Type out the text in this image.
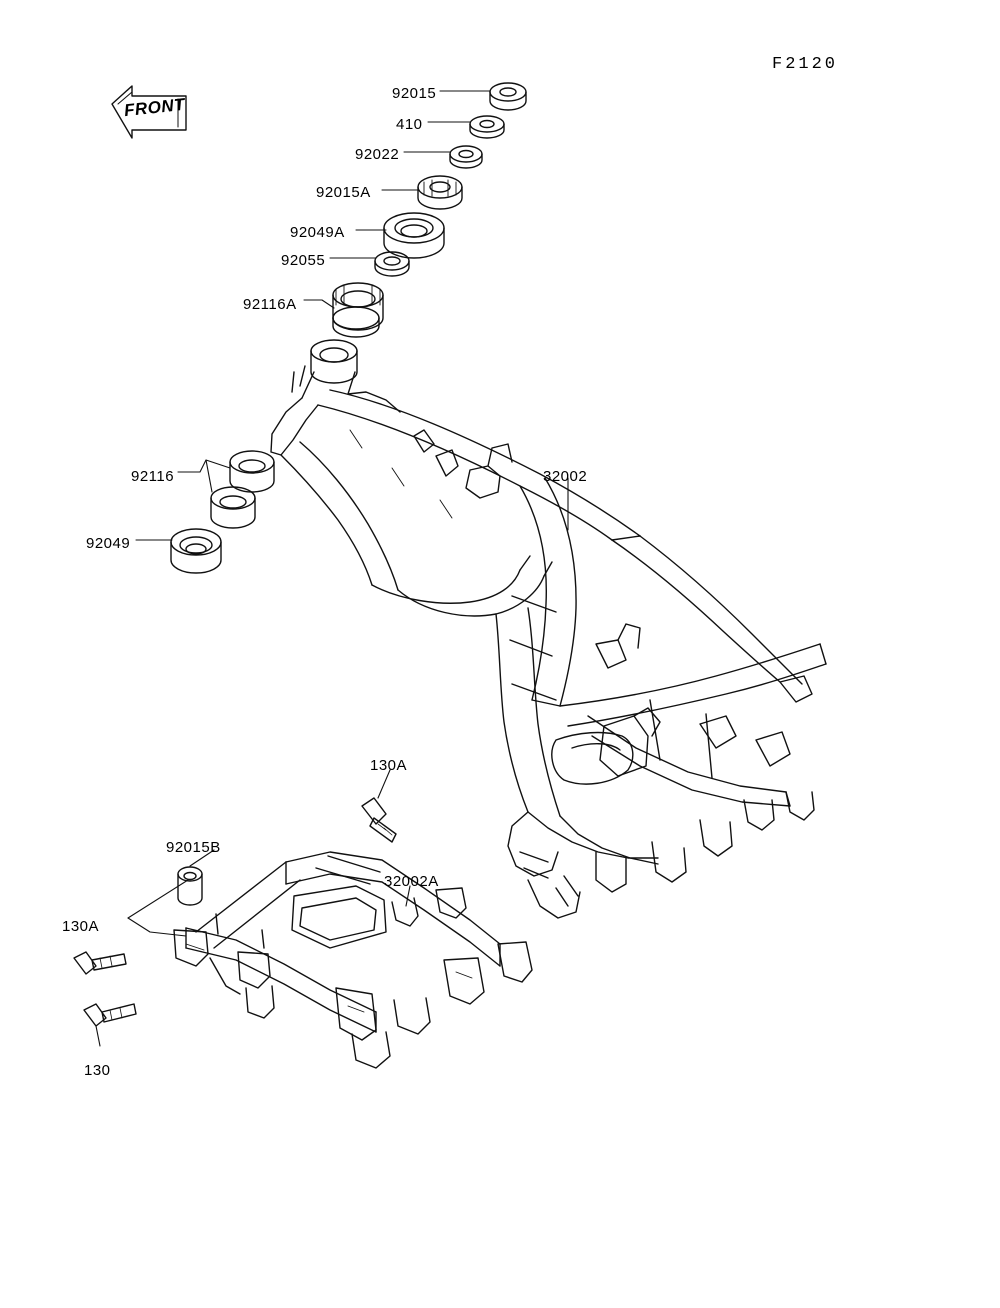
F2120
FRONT
92015
410
92022
92015A
92049A
92055
92116A
92116
92049
32002
130A
92015B
32002A
130A
130
